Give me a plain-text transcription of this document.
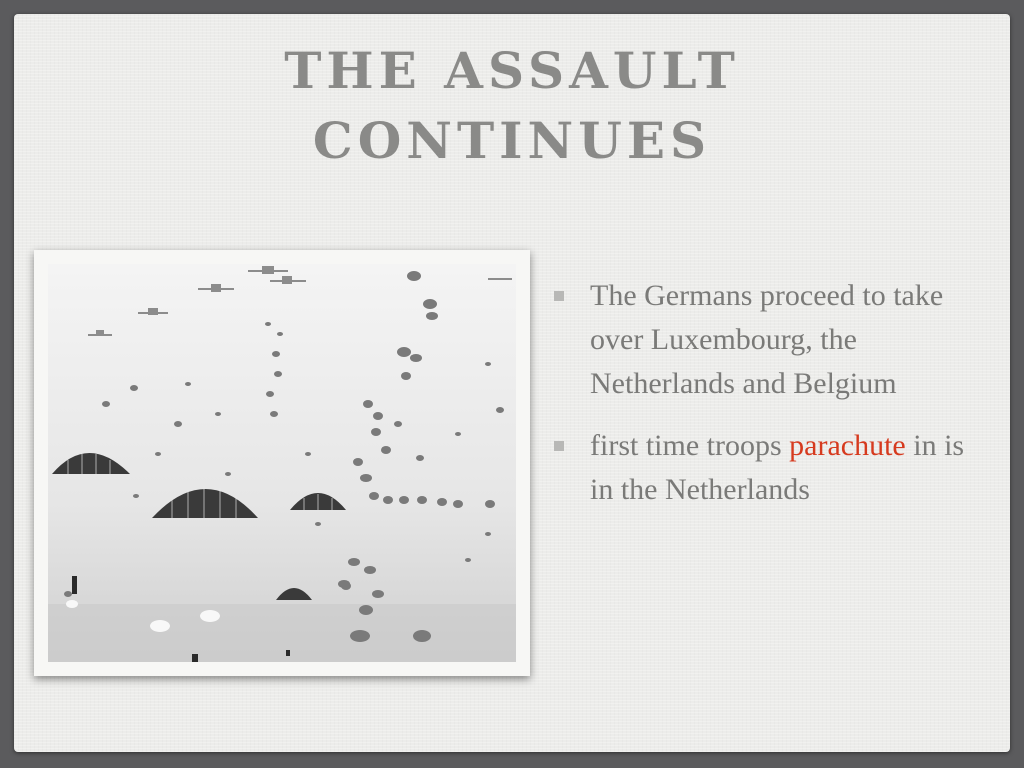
THE ASSAULT
CONTINUES
The Germans proceed to take over Luxembourg, the Netherlands and Belgium
first time troops parachute in is in the Netherlands
